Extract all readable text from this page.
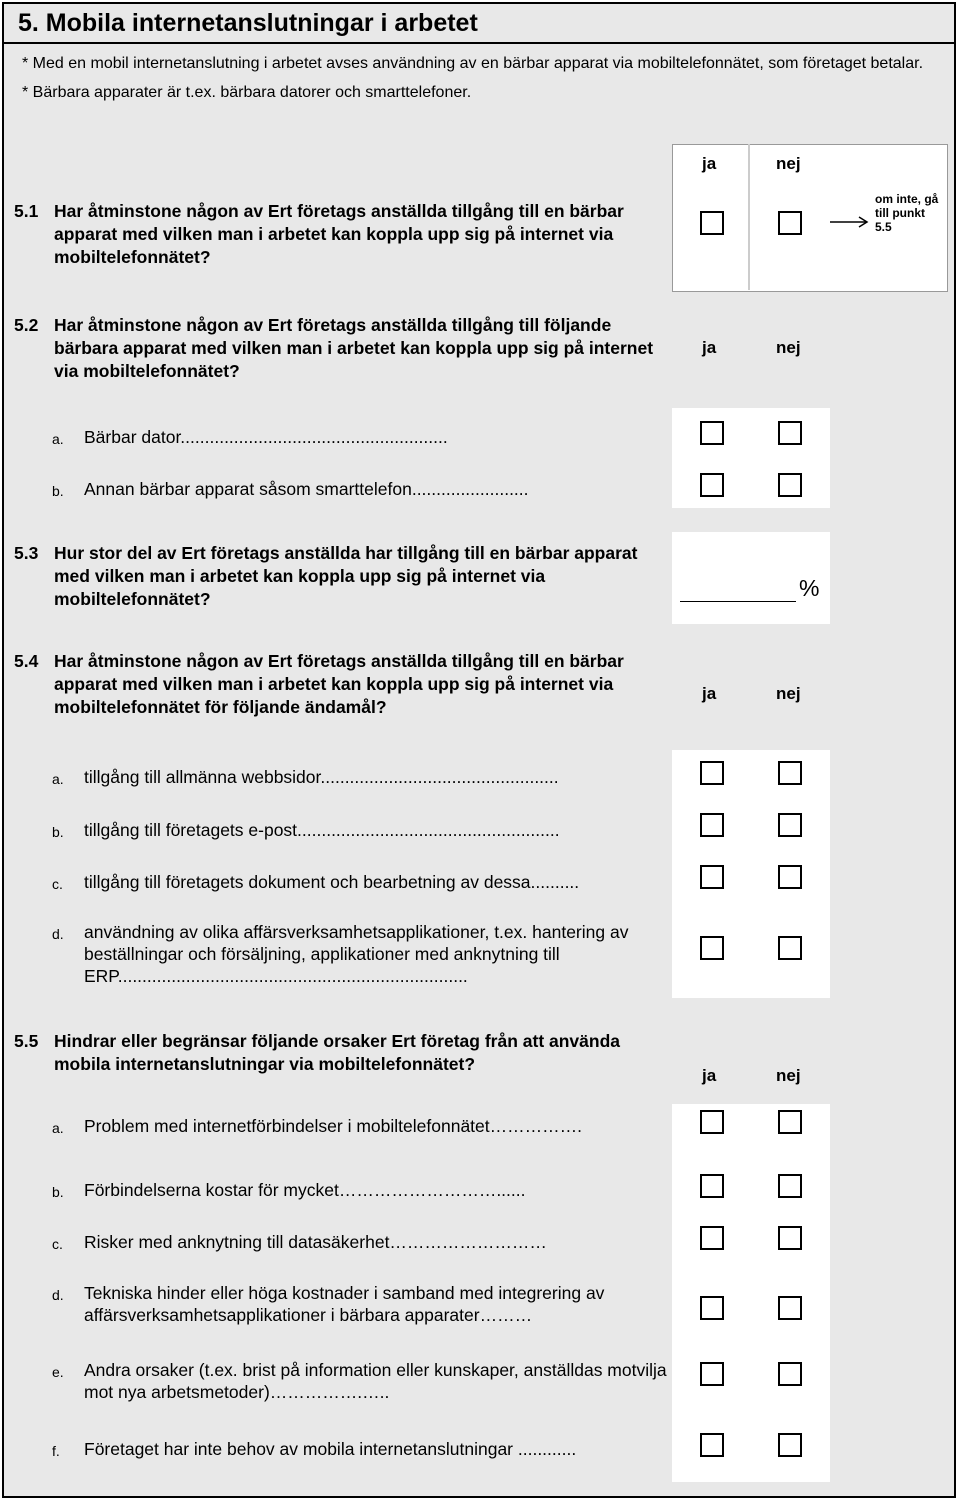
5. Mobila internetanslutningar i arbetet

* Med en mobil internetanslutning i arbetet avses användning av en bärbar apparat via mobiltelefonnätet, som företaget betalar.

* Bärbara apparater är t.ex. bärbara datorer och smarttelefoner.

ja	nej
5.1 Har åtminstone någon av Ert företags anställda tillgång till en bärbar apparat med vilken man i arbetet kan koppla upp sig på internet via mobiltelefonnätet?
om inte, gå till punkt 5.5
5.2 Har åtminstone någon av Ert företags anställda tillgång till följande bärbara apparat med vilken man i arbetet kan koppla upp sig på internet via mobiltelefonnätet?
ja	nej
a.	Bärbar dator.......................................................
b.	Annan bärbar apparat såsom smarttelefon........................
5.3 Hur stor del av Ert företags anställda har tillgång till en bärbar apparat med vilken man i arbetet kan koppla upp sig på internet via mobiltelefonnätet?	%
5.4 Har åtminstone någon av Ert företags anställda tillgång till en bärbar apparat med vilken man i arbetet kan koppla upp sig på internet via mobiltelefonnätet för följande ändamål?
ja	nej
a.	tillgång till allmänna webbsidor.................................................
b.	tillgång till företagets e-post......................................................
c.	tillgång till företagets dokument och bearbetning av dessa..........
d.	användning av olika affärsverksamhetsapplikationer, t.ex. hantering av beställningar och försäljning, applikationer med anknytning till ERP........................................................................
5.5 Hindrar eller begränsar följande orsaker Ert företag från att använda mobila internetanslutningar via mobiltelefonnätet?
ja	nej
a.	Problem med internetförbindelser i mobiltelefonnätet…………….
b.	Förbindelserna kostar för mycket………………………......
c.	Risker med anknytning till datasäkerhet………………………
d.	Tekniska hinder eller höga kostnader i samband med integrering av affärsverksamhetsapplikationer i bärbara apparater………
e.	Andra orsaker (t.ex. brist på information eller kunskaper, anställdas motvilja mot nya arbetsmetoder)…………….…..
f.	Företaget har inte behov av mobila internetanslutningar ............
